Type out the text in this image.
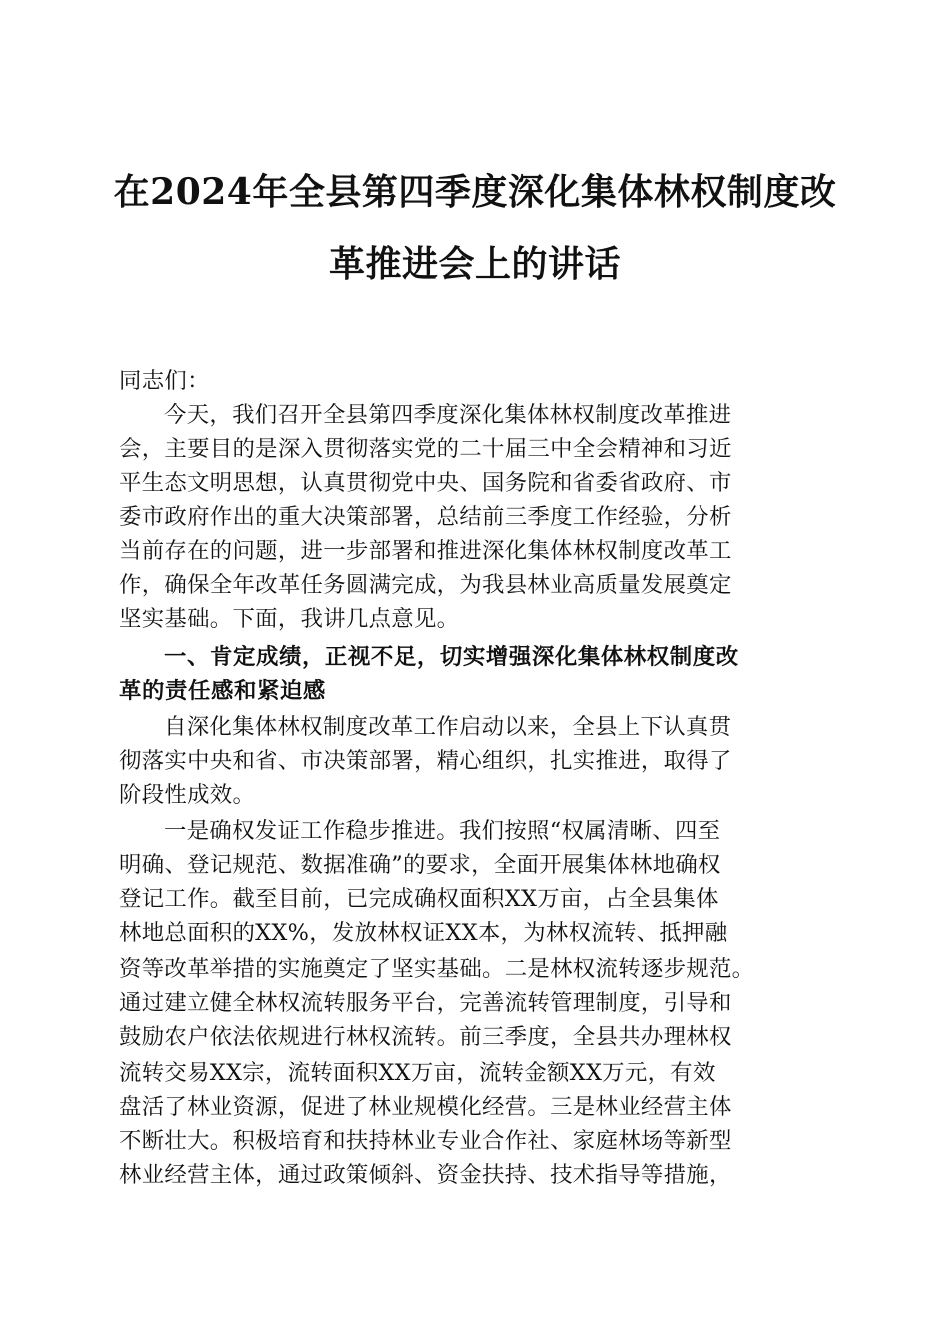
在2024年全县第四季度深化集体林权制度改
革推进会上的讲话
同志们：
今天，我们召开全县第四季度深化集体林权制度改革推进
会，主要目的是深入贯彻落实党的二十届三中全会精神和习近
平生态文明思想，认真贯彻党中央、国务院和省委省政府、市
委市政府作出的重大决策部署，总结前三季度工作经验，分析
当前存在的问题，进一步部署和推进深化集体林权制度改革工
作，确保全年改革任务圆满完成，为我县林业高质量发展奠定
坚实基础。下面，我讲几点意见。
一、肯定成绩，正视不足，切实增强深化集体林权制度改
革的责任感和紧迫感
自深化集体林权制度改革工作启动以来，全县上下认真贯
彻落实中央和省、市决策部署，精心组织，扎实推进，取得了
阶段性成效。
一是确权发证工作稳步推进。我们按照“权属清晰、四至
明确、登记规范、数据准确”的要求，全面开展集体林地确权
登记工作。截至目前，已完成确权面积XX万亩，占全县集体
林地总面积的XX%，发放林权证XX本，为林权流转、抵押融
资等改革举措的实施奠定了坚实基础。二是林权流转逐步规范。
通过建立健全林权流转服务平台，完善流转管理制度，引导和
鼓励农户依法依规进行林权流转。前三季度，全县共办理林权
流转交易XX宗，流转面积XX万亩，流转金额XX万元，有效
盘活了林业资源，促进了林业规模化经营。三是林业经营主体
不断壮大。积极培育和扶持林业专业合作社、家庭林场等新型
林业经营主体，通过政策倾斜、资金扶持、技术指导等措施，
